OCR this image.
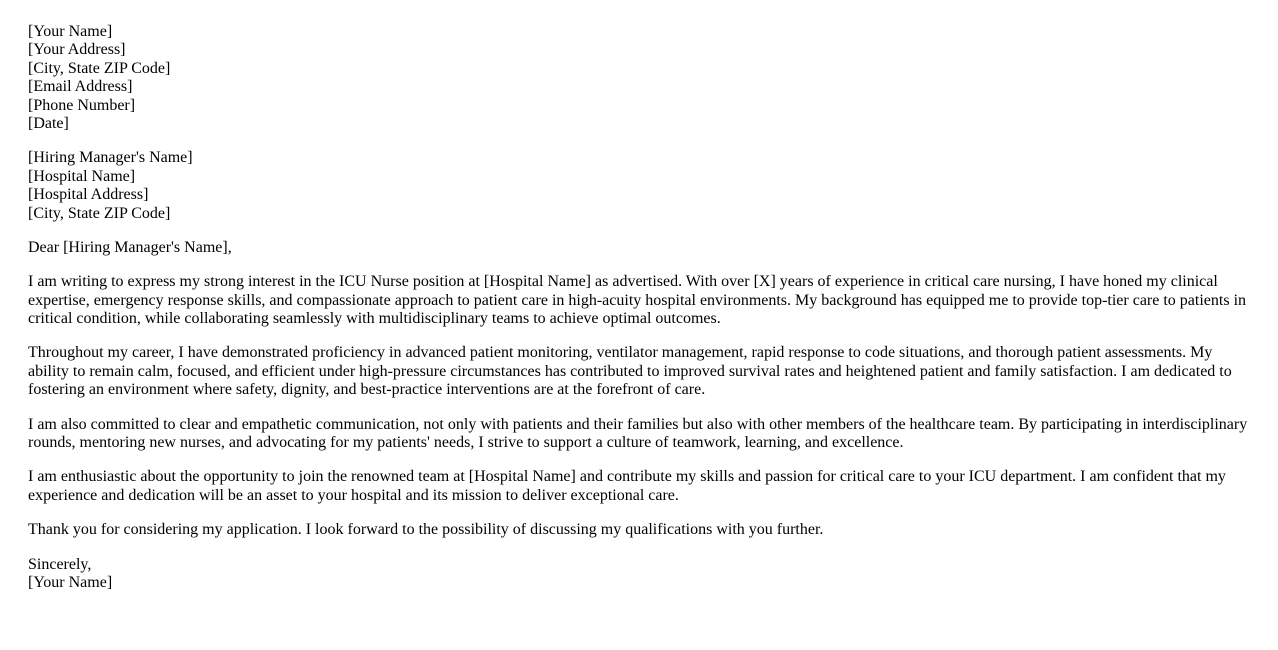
[Your Name]
[Your Address]
[City, State ZIP Code]
[Email Address]
[Phone Number]
[Date]

[Hiring Manager's Name]
[Hospital Name]
[Hospital Address]
[City, State ZIP Code]

Dear [Hiring Manager's Name],

I am writing to express my strong interest in the ICU Nurse position at [Hospital Name] as advertised. With over [X] years of experience in critical care nursing, I have honed my clinical expertise, emergency response skills, and compassionate approach to patient care in high-acuity hospital environments. My background has equipped me to provide top-tier care to patients in critical condition, while collaborating seamlessly with multidisciplinary teams to achieve optimal outcomes.

Throughout my career, I have demonstrated proficiency in advanced patient monitoring, ventilator management, rapid response to code situations, and thorough patient assessments. My ability to remain calm, focused, and efficient under high-pressure circumstances has contributed to improved survival rates and heightened patient and family satisfaction. I am dedicated to fostering an environment where safety, dignity, and best-practice interventions are at the forefront of care.

I am also committed to clear and empathetic communication, not only with patients and their families but also with other members of the healthcare team. By participating in interdisciplinary rounds, mentoring new nurses, and advocating for my patients' needs, I strive to support a culture of teamwork, learning, and excellence.

I am enthusiastic about the opportunity to join the renowned team at [Hospital Name] and contribute my skills and passion for critical care to your ICU department. I am confident that my experience and dedication will be an asset to your hospital and its mission to deliver exceptional care.

Thank you for considering my application. I look forward to the possibility of discussing my qualifications with you further.

Sincerely,
[Your Name]
